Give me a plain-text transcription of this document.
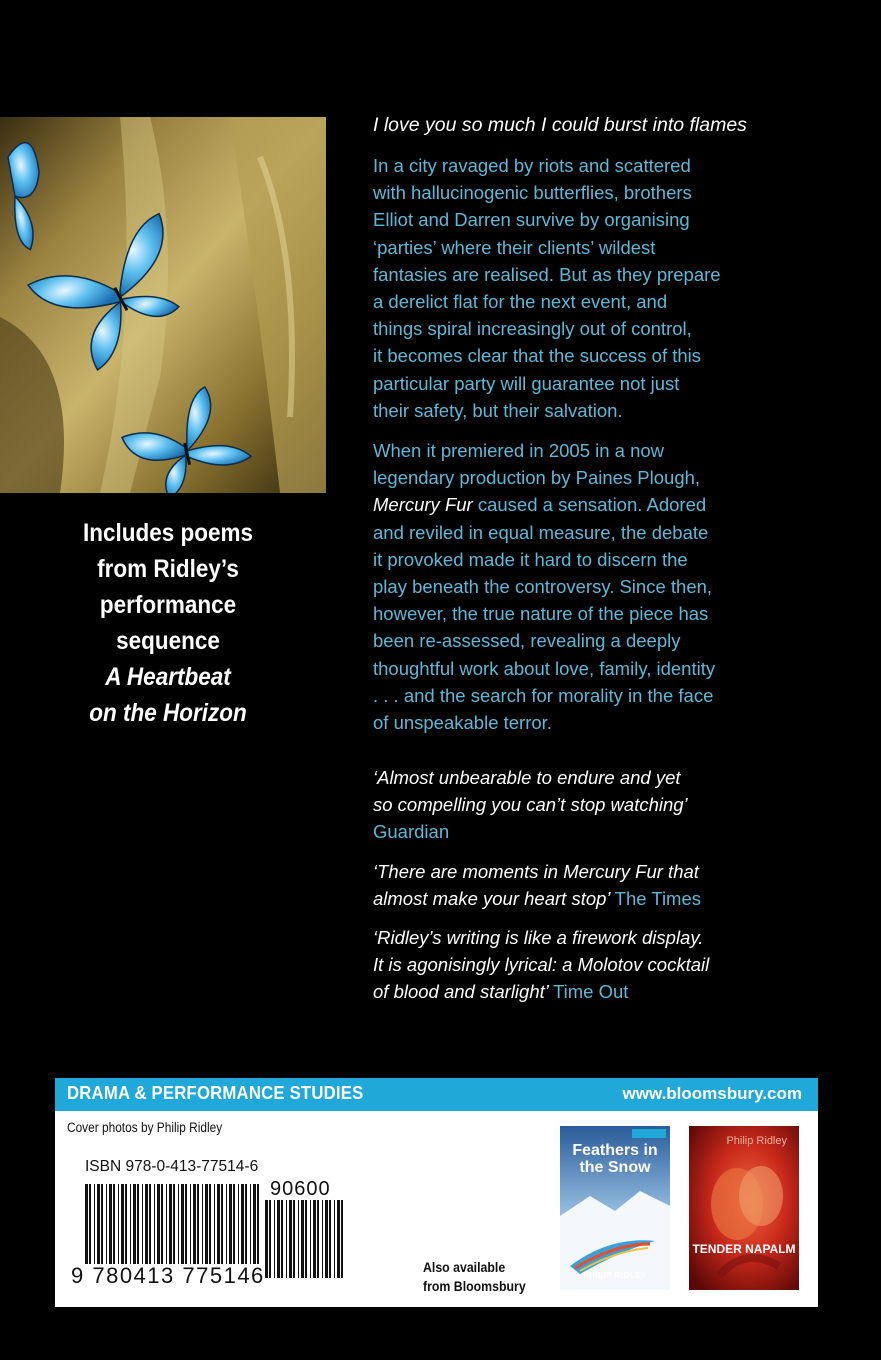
Includes poems
from Ridley’s
performance
sequence
A Heartbeat
on the Horizon
I love you so much I could burst into flames
In a city ravaged by riots and scattered
with hallucinogenic butterflies, brothers
Elliot and Darren survive by organising
‘parties’ where their clients’ wildest
fantasies are realised. But as they prepare
a derelict flat for the next event, and
things spiral increasingly out of control,
it becomes clear that the success of this
particular party will guarantee not just
their safety, but their salvation.
When it premiered in 2005 in a now
legendary production by Paines Plough,
Mercury Fur caused a sensation. Adored
and reviled in equal measure, the debate
it provoked made it hard to discern the
play beneath the controversy. Since then,
however, the true nature of the piece has
been re-assessed, revealing a deeply
thoughtful work about love, family, identity
. . . and the search for morality in the face
of unspeakable terror.
‘Almost unbearable to endure and yet
so compelling you can’t stop watching’
Guardian
‘There are moments in Mercury Fur that
almost make your heart stop’ The Times
‘Ridley’s writing is like a firework display.
It is agonisingly lyrical: a Molotov cocktail
of blood and starlight’ Time Out
DRAMA & PERFORMANCE STUDIES	www.bloomsbury.com
Cover photos by Philip Ridley
ISBN 978-0-413-77514-6
9 780413 775146
90600
Also available
from Bloomsbury
Feathers in the Snow
PHILIP RIDLEY
Philip Ridley
TENDER NAPALM
